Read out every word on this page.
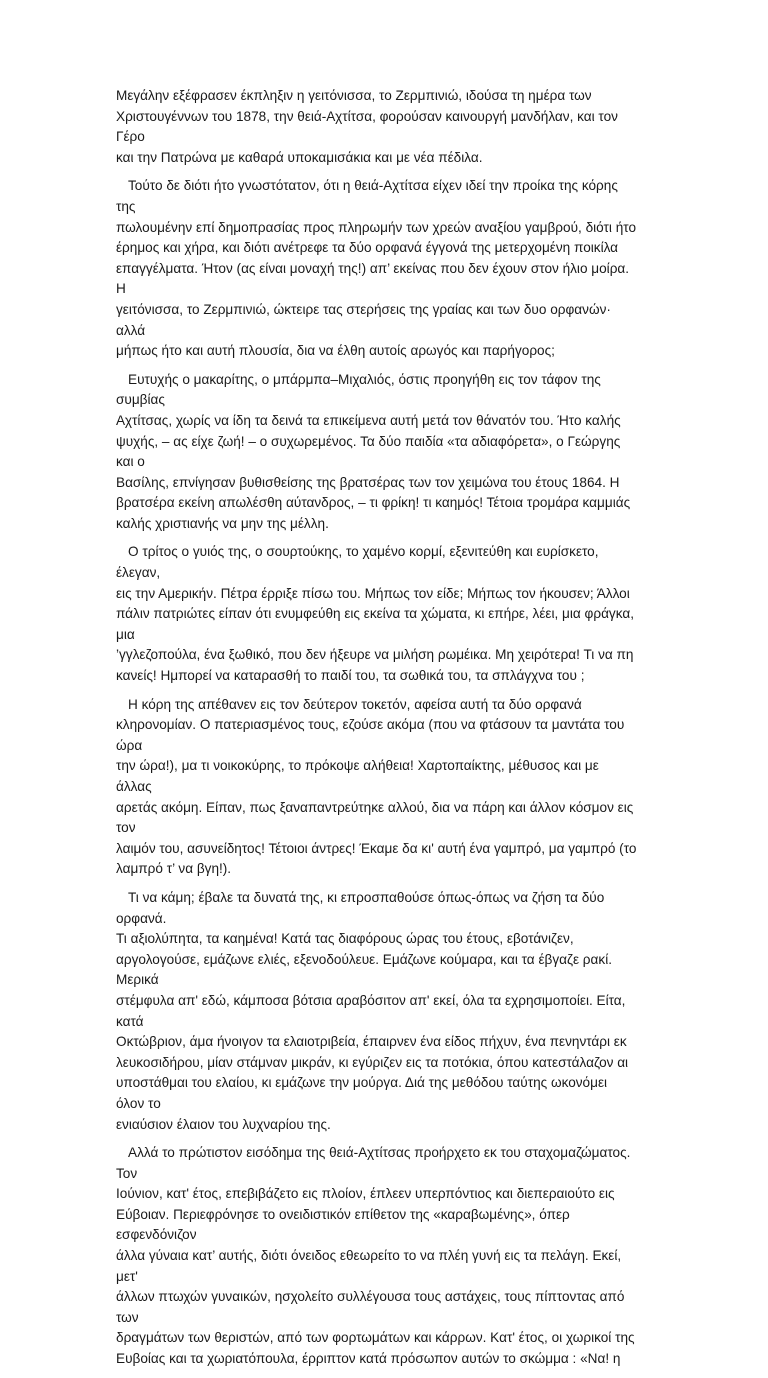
Μεγάλην εξέφρασεν έκπληξιν η γειτόνισσα, το Ζερμπινιώ, ιδούσα τη ημέρα των
Χριστουγέννων του 1878, την θειά-Αχτίτσα, φορούσαν καινουργή μανδήλαν, και τον Γέρο
και την Πατρώνα με καθαρά υποκαμισάκια και με νέα πέδιλα.

Τούτο δε διότι ήτο γνωστότατον, ότι η θειά-Αχτίτσα είχεν ιδεί την προίκα της κόρης της
πωλουμένην επί δημοπρασίας προς πληρωμήν των χρεών αναξίου γαμβρού, διότι ήτο
έρημος και χήρα, και διότι ανέτρεφε τα δύο ορφανά έγγονά της μετερχομένη ποικίλα
επαγγέλματα. Ήτον (ας είναι μοναχή της!) απ’ εκείνας που δεν έχουν στον ήλιο μοίρα. Η
γειτόνισσα, το Ζερμπινιώ, ώκτειρε τας στερήσεις της γραίας και των δυο ορφανών· αλλά
μήπως ήτο και αυτή πλουσία, δια να έλθη αυτοίς αρωγός και παρήγορος;

Ευτυχής ο μακαρίτης, ο μπάρμπα–Μιχαλιός, όστις προηγήθη εις τον τάφον της συμβίας
Αχτίτσας, χωρίς να ίδη τα δεινά τα επικείμενα αυτή μετά τον θάνατόν του. Ήτο καλής
ψυχής, – ας είχε ζωή! – ο συχωρεμένος. Τα δύο παιδία «τα αδιαφόρετα», ο Γεώργης και ο
Βασίλης, επνίγησαν βυθισθείσης της βρατσέρας των τον χειμώνα του έτους 1864. Η
βρατσέρα εκείνη απωλέσθη αύτανδρος, – τι φρίκη! τι καημός! Τέτοια τρομάρα καμμιάς
καλής χριστιανής να μην της μέλλη.

Ο τρίτος ο γυιός της, ο σουρτούκης, το χαμένο κορμί, εξενιτεύθη και ευρίσκετο, έλεγαν,
εις την Αμερικήν. Πέτρα έρριξε πίσω του. Μήπως τον είδε; Μήπως τον ήκουσεν; Άλλοι
πάλιν πατριώτες είπαν ότι ενυμφεύθη εις εκείνα τα χώματα, κι επήρε, λέει, μια φράγκα, μια
’γγλεζοπούλα, ένα ξωθικό, που δεν ήξευρε να μιλήση ρωμέικα. Μη χειρότερα! Τι να πη
κανείς! Ημπορεί να καταρασθή το παιδί του, τα σωθικά του, τα σπλάγχνα του ;

Η κόρη της απέθανεν εις τον δεύτερον τοκετόν, αφείσα αυτή τα δύο ορφανά
κληρονομίαν. Ο πατεριασμένος τους, εζούσε ακόμα (που να φτάσουν τα μαντάτα του ώρα
την ώρα!), μα τι νοικοκύρης, το πρόκοψε αλήθεια! Χαρτοπαίκτης, μέθυσος και με άλλας
αρετάς ακόμη. Είπαν, πως ξαναπαντρεύτηκε αλλού, δια να πάρη και άλλον κόσμον εις τον
λαιμόν του, ασυνείδητος! Τέτοιοι άντρες! Έκαμε δα κι' αυτή ένα γαμπρό, μα γαμπρό (το
λαμπρό τ’ να βγη!).

Τι να κάμη; έβαλε τα δυνατά της, κι επροσπαθούσε όπως-όπως να ζήση τα δύο ορφανά.
Τι αξιολύπητα, τα καημένα! Κατά τας διαφόρους ώρας του έτους, εβοτάνιζεν,
αργολογούσε, εμάζωνε ελιές, εξενοδούλευε. Εμάζωνε κούμαρα, και τα έβγαζε ρακί. Μερικά
στέμφυλα απ' εδώ, κάμποσα βότσια αραβόσιτον απ' εκεί, όλα τα εχρησιμοποίει. Είτα, κατά
Οκτώβριον, άμα ήνοιγον τα ελαιοτριβεία, έπαιρνεν ένα είδος πήχυν, ένα πενηντάρι εκ
λευκοσιδήρου, μίαν στάμναν μικράν, κι εγύριζεν εις τα ποτόκια, όπου κατεστάλαζον αι
υποστάθμαι του ελαίου, κι εμάζωνε την μούργα. Διά της μεθόδου ταύτης ωκονόμει όλον το
ενιαύσιον έλαιον του λυχναρίου της.

Αλλά το πρώτιστον εισόδημα της θειά-Αχτίτσας προήρχετο εκ του σταχομαζώματος. Τον
Ιούνιον, κατ' έτος, επεβιβάζετο εις πλοίον, έπλεεν υπερπόντιος και διεπεραιούτο εις
Εύβοιαν. Περιεφρόνησε το ονειδιστικόν επίθετον της «καραβωμένης», όπερ εσφενδόνιζον
άλλα γύναια κατ’ αυτής, διότι όνειδος εθεωρείτο το να πλέη γυνή εις τα πελάγη. Εκεί, μετ'
άλλων πτωχών γυναικών, ησχολείτο συλλέγουσα τους αστάχεις, τους πίπτοντας από των
δραγμάτων των θεριστών, από των φορτωμάτων και κάρρων. Κατ' έτος, οι χωρικοί της
Ευβοίας και τα χωριατόπουλα, έρριπτον κατά πρόσωπον αυτών το σκώμμα : «Να! η
